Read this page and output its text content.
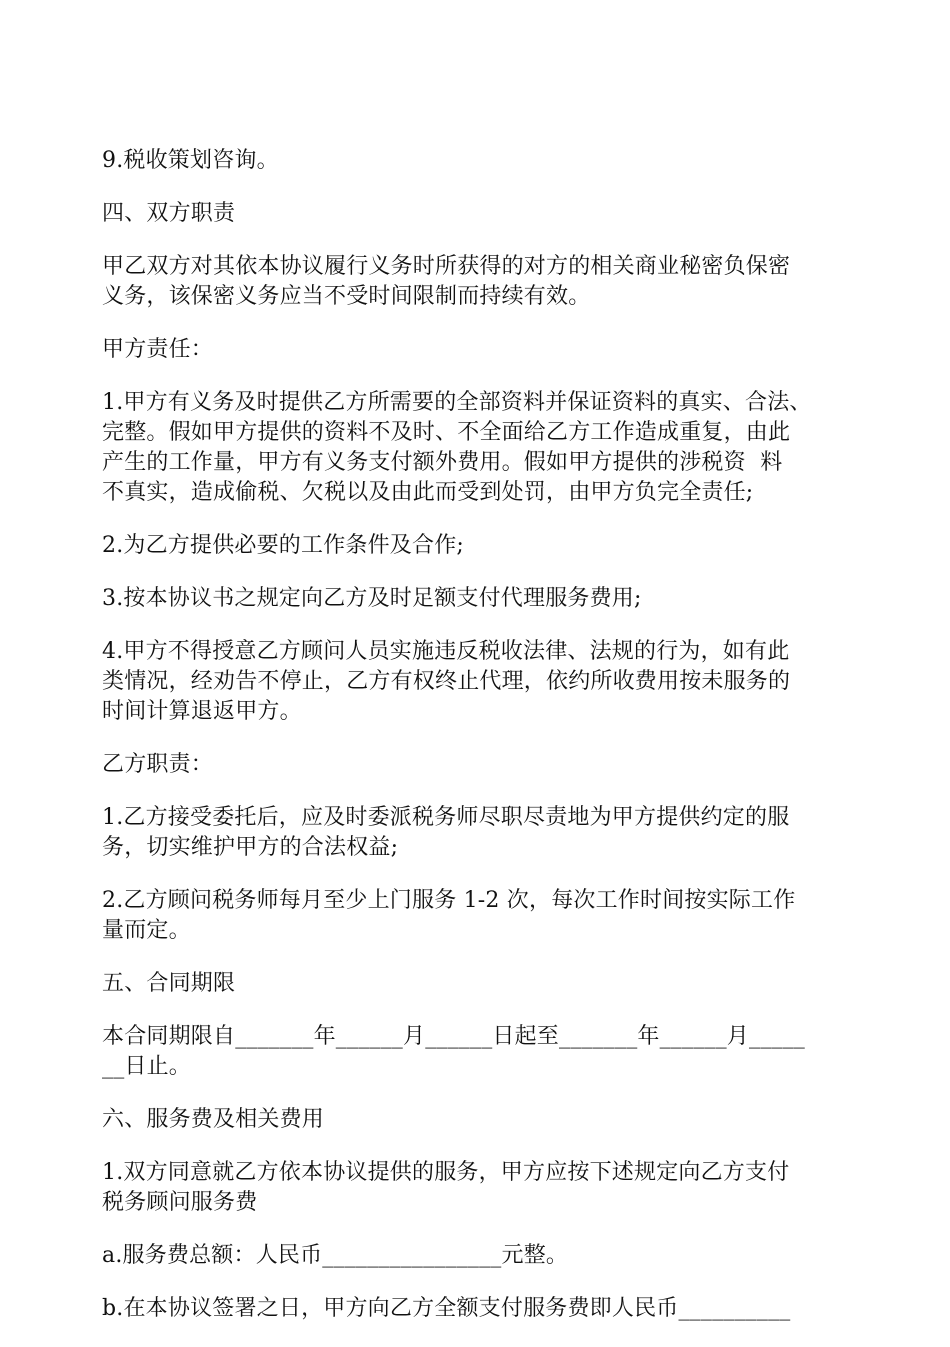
9.税收策划咨询。

四、双方职责

甲乙双方对其依本协议履行义务时所获得的对方的相关商业秘密负保密
义务，该保密义务应当不受时间限制而持续有效。

甲方责任：

1.甲方有义务及时提供乙方所需要的全部资料并保证资料的真实、合法、
完整。假如甲方提供的资料不及时、不全面给乙方工作造成重复，由此
产生的工作量，甲方有义务支付额外费用。假如甲方提供的涉税资  料
不真实，造成偷税、欠税以及由此而受到处罚，由甲方负完全责任;

2.为乙方提供必要的工作条件及合作;

3.按本协议书之规定向乙方及时足额支付代理服务费用;

4.甲方不得授意乙方顾问人员实施违反税收法律、法规的行为，如有此
类情况，经劝告不停止，乙方有权终止代理，依约所收费用按未服务的
时间计算退返甲方。

乙方职责：

1.乙方接受委托后，应及时委派税务师尽职尽责地为甲方提供约定的服
务，切实维护甲方的合法权益;

2.乙方顾问税务师每月至少上门服务 1-2 次，每次工作时间按实际工作
量而定。

五、合同期限

本合同期限自_______年______月______日起至_______年______月_____
__日止。

六、服务费及相关费用

1.双方同意就乙方依本协议提供的服务，甲方应按下述规定向乙方支付
税务顾问服务费

a.服务费总额：人民币________________元整。

b.在本协议签署之日，甲方向乙方全额支付服务费即人民币__________
